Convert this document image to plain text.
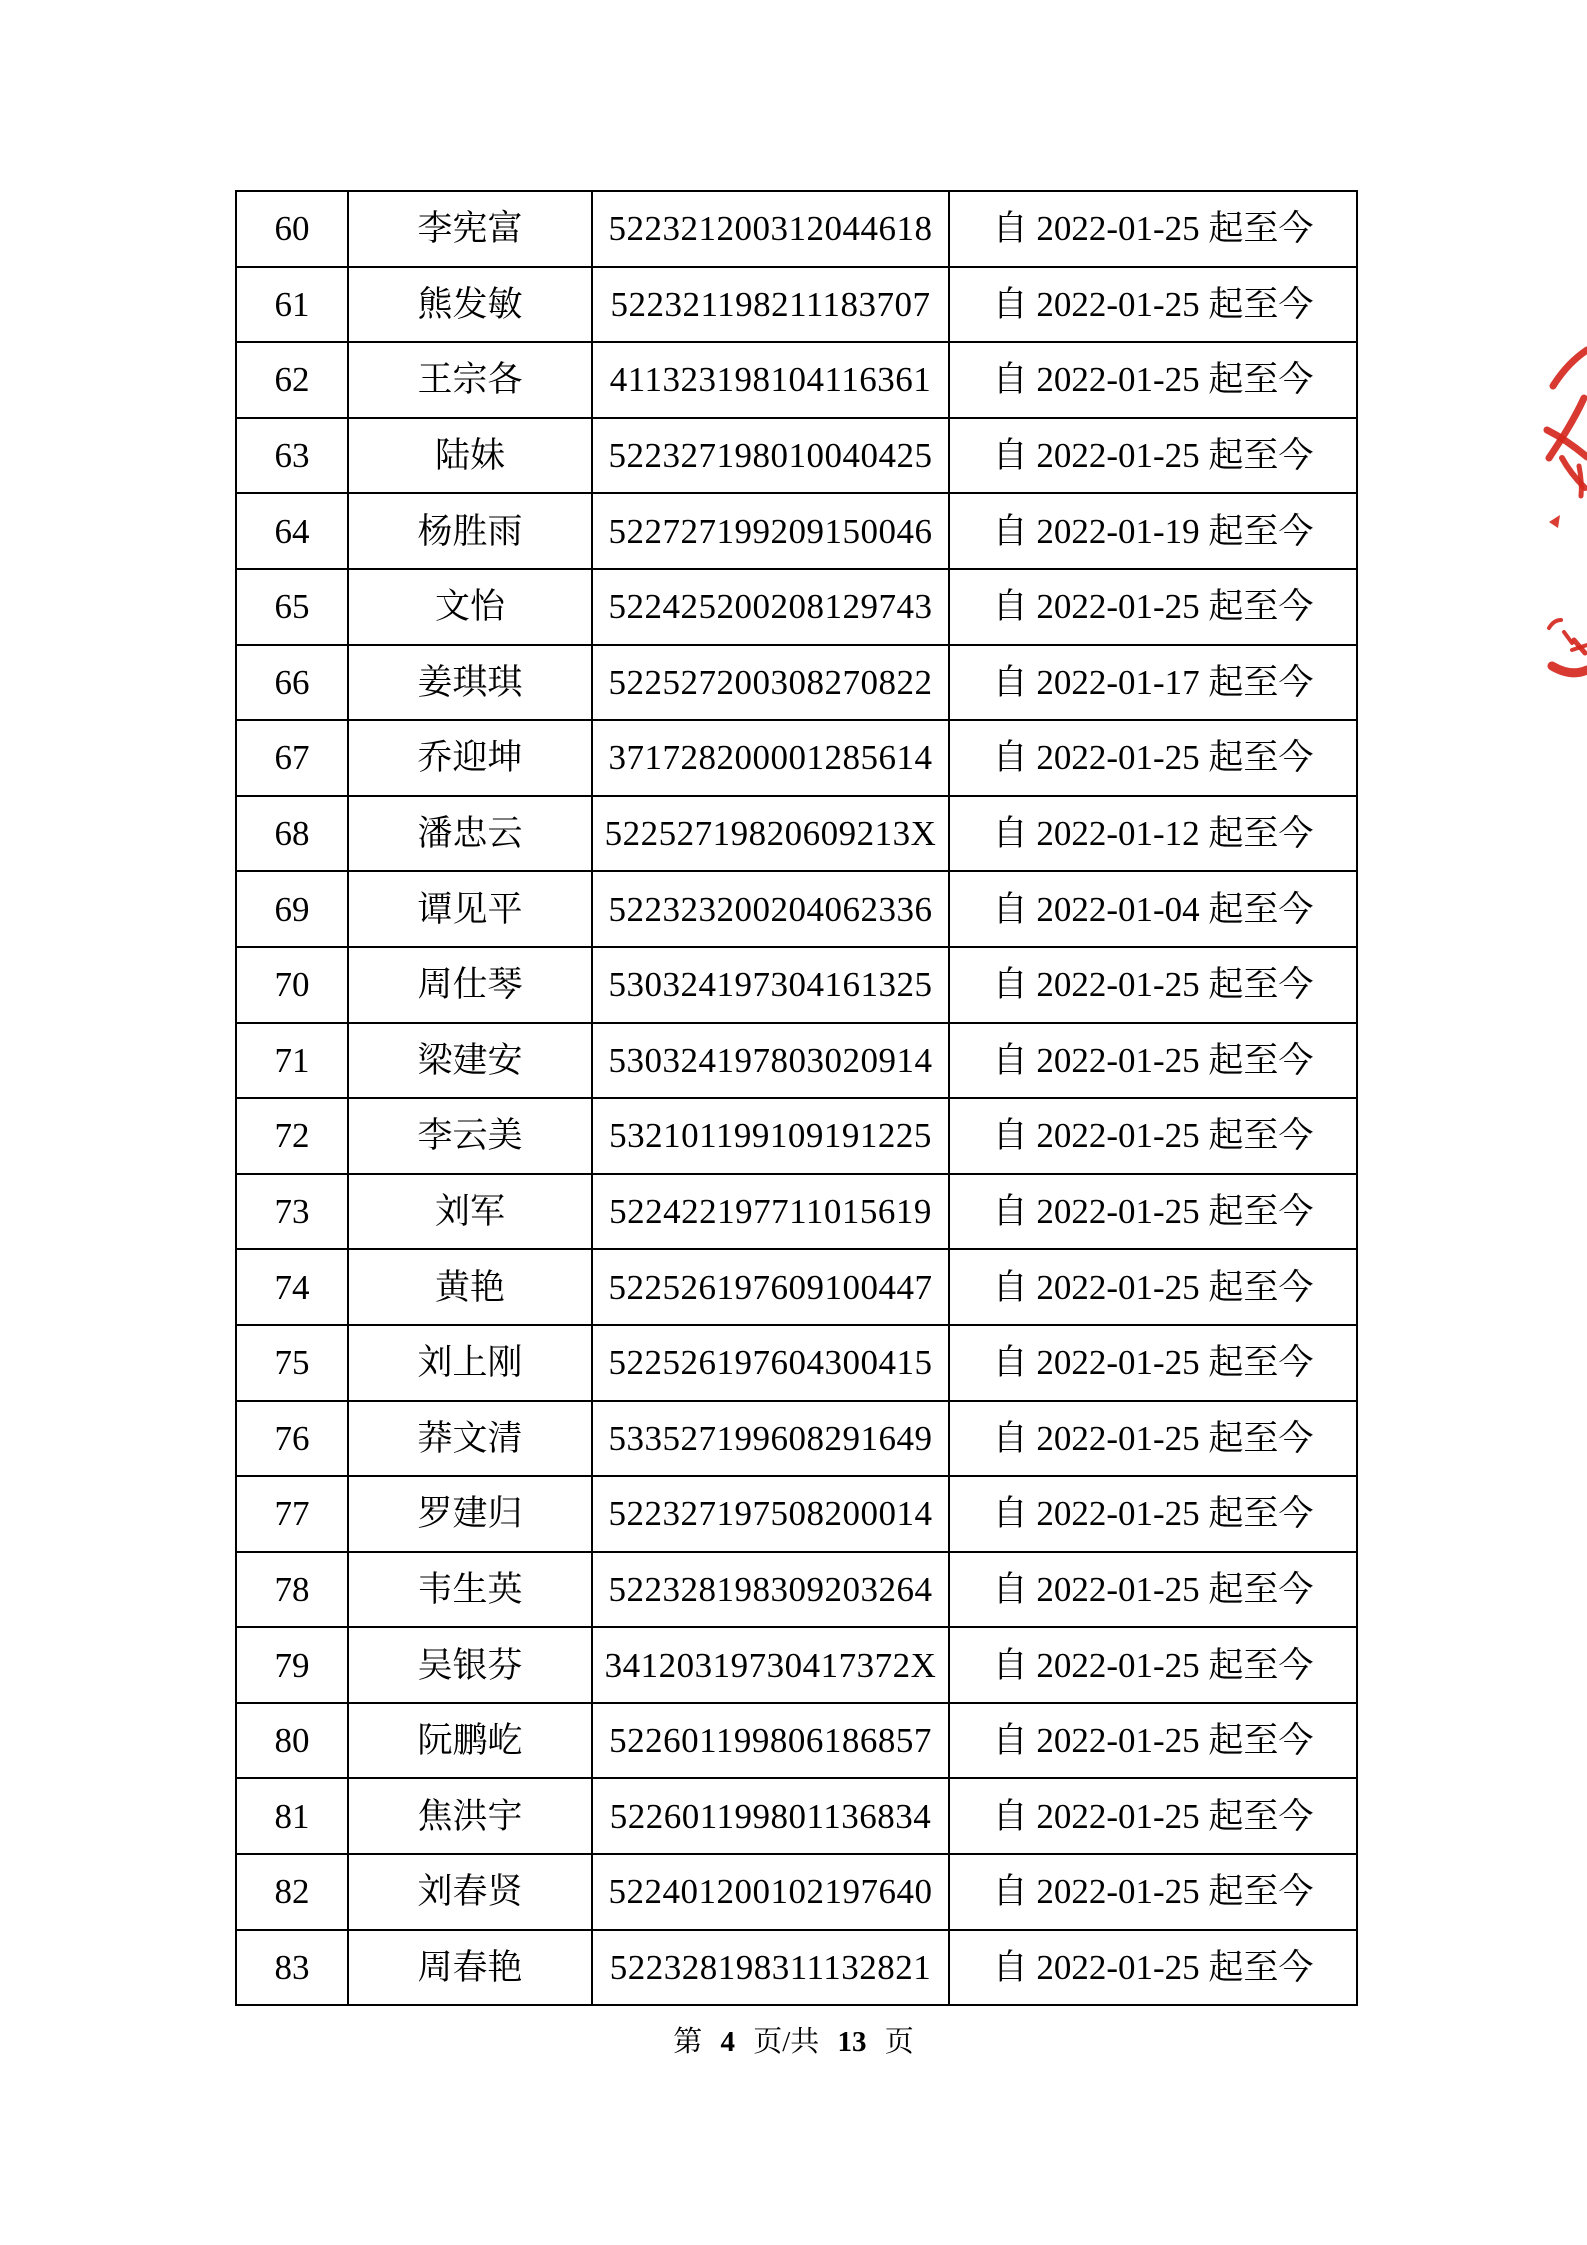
60	李宪富	522321200312044618	自 2022-01-25 起至今
61	熊发敏	522321198211183707	自 2022-01-25 起至今
62	王宗各	411323198104116361	自 2022-01-25 起至今
63	陆妹	522327198010040425	自 2022-01-25 起至今
64	杨胜雨	522727199209150046	自 2022-01-19 起至今
65	文怡	522425200208129743	自 2022-01-25 起至今
66	姜琪琪	522527200308270822	自 2022-01-17 起至今
67	乔迎坤	371728200001285614	自 2022-01-25 起至今
68	潘忠云	52252719820609213X	自 2022-01-12 起至今
69	谭见平	522323200204062336	自 2022-01-04 起至今
70	周仕琴	530324197304161325	自 2022-01-25 起至今
71	梁建安	530324197803020914	自 2022-01-25 起至今
72	李云美	532101199109191225	自 2022-01-25 起至今
73	刘军	522422197711015619	自 2022-01-25 起至今
74	黄艳	522526197609100447	自 2022-01-25 起至今
75	刘上刚	522526197604300415	自 2022-01-25 起至今
76	莽文清	533527199608291649	自 2022-01-25 起至今
77	罗建归	522327197508200014	自 2022-01-25 起至今
78	韦生英	522328198309203264	自 2022-01-25 起至今
79	吴银芬	34120319730417372X	自 2022-01-25 起至今
80	阮鹏屹	522601199806186857	自 2022-01-25 起至今
81	焦洪宇	522601199801136834	自 2022-01-25 起至今
82	刘春贤	522401200102197640	自 2022-01-25 起至今
83	周春艳	522328198311132821	自 2022-01-25 起至今
第 4 页/共 13 页
